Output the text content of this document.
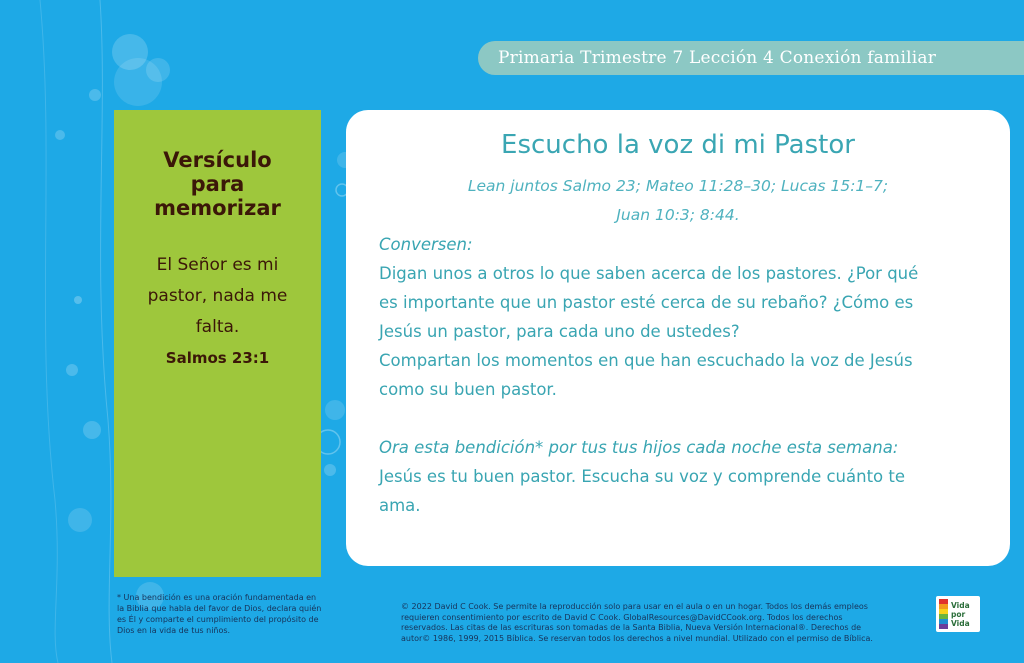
Primaria Trimestre 7 Lección 4 Conexión familiar
Versículo
para
memorizar
El Señor es mi
pastor, nada me
falta.
Salmos 23:1
Escucho la voz di mi Pastor
Lean juntos Salmo 23; Mateo 11:28–30; Lucas 15:1–7;
Juan 10:3; 8:44.

Conversen:

Digan unos a otros lo que saben acerca de los pastores. ¿Por qué

es importante que un pastor esté cerca de su rebaño? ¿Cómo es

Jesús un pastor, para cada uno de ustedes?

Compartan los momentos en que han escuchado la voz de Jesús

como su buen pastor.

Ora esta bendición* por tus tus hijos cada noche esta semana:

Jesús es tu buen pastor. Escucha su voz y comprende cuánto te

ama.

* Una bendición es una oración fundamentada en
la Biblia que habla del favor de Dios, declara quién
es Él y comparte el cumplimiento del propósito de
Dios en la vida de tus niños.
© 2022 David C Cook. Se permite la reproducción solo para usar en el aula o en un hogar. Todos los demás empleos
requieren consentimiento por escrito de David C Cook. GlobalResources@DavidCCook.org. Todos los derechos
reservados. Las citas de las escrituras son tomadas de la Santa Biblia, Nueva Versión Internacional®. Derechos de
autor© 1986, 1999, 2015 Bíblica. Se reservan todos los derechos a nivel mundial. Utilizado con el permiso de Bíblica.
Vida
por
Vida
